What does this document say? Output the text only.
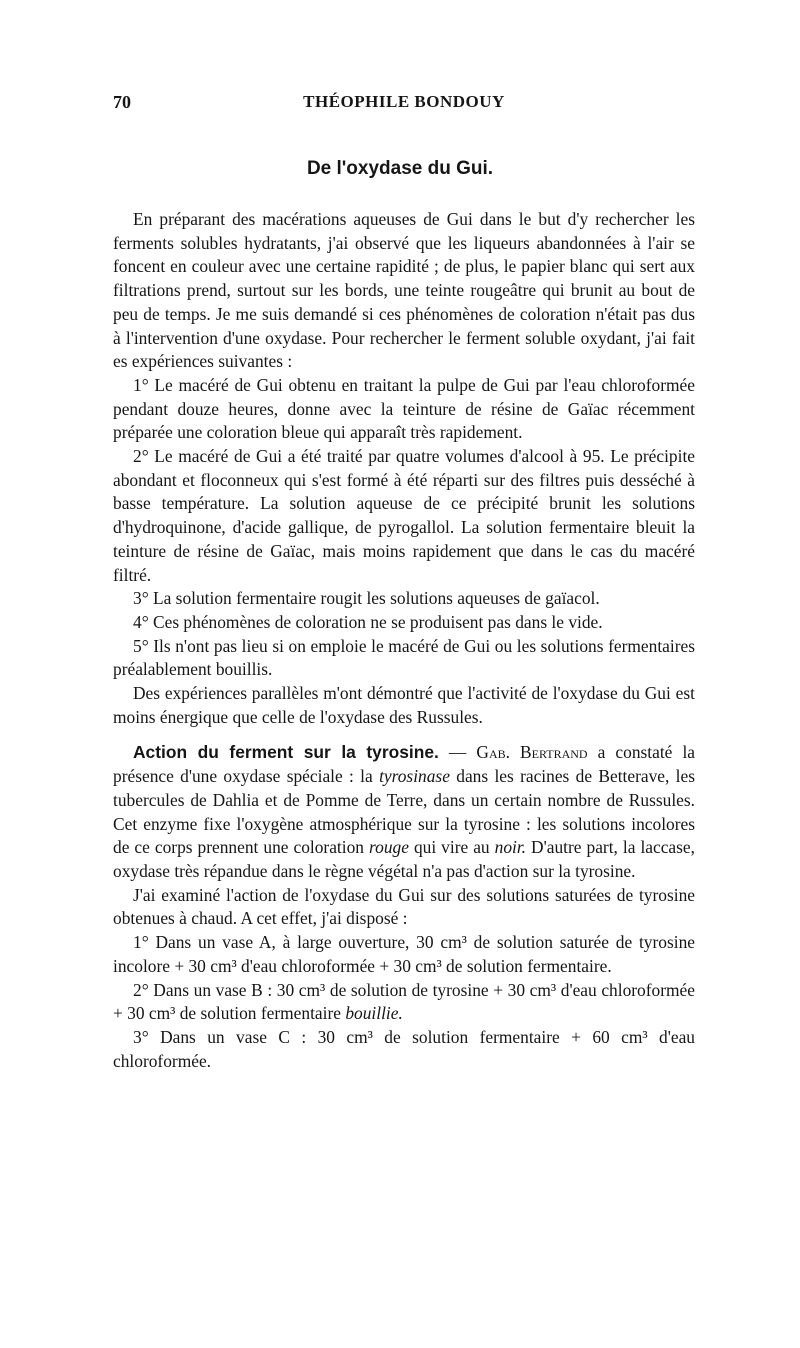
70	THÉOPHILE BONDOUY
De l'oxydase du Gui.

En préparant des macérations aqueuses de Gui dans le but d'y rechercher les ferments solubles hydratants, j'ai observé que les liqueurs abandonnées à l'air se foncent en couleur avec une certaine rapidité ; de plus, le papier blanc qui sert aux filtrations prend, surtout sur les bords, une teinte rougeâtre qui brunit au bout de peu de temps. Je me suis demandé si ces phénomènes de coloration n'était pas dus à l'intervention d'une oxydase. Pour rechercher le ferment soluble oxydant, j'ai fait es expériences suivantes :

1° Le macéré de Gui obtenu en traitant la pulpe de Gui par l'eau chloroformée pendant douze heures, donne avec la teinture de résine de Gaïac récemment préparée une coloration bleue qui apparaît très rapidement.

2° Le macéré de Gui a été traité par quatre volumes d'alcool à 95. Le précipite abondant et floconneux qui s'est formé à été réparti sur des filtres puis desséché à basse température. La solution aqueuse de ce précipité brunit les solutions d'hydroquinone, d'acide gallique, de pyrogallol. La solution fermentaire bleuit la teinture de résine de Gaïac, mais moins rapidement que dans le cas du macéré filtré.

3° La solution fermentaire rougit les solutions aqueuses de gaïacol.

4° Ces phénomènes de coloration ne se produisent pas dans le vide.

5° Ils n'ont pas lieu si on emploie le macéré de Gui ou les solutions fermentaires préalablement bouillis.

Des expériences parallèles m'ont démontré que l'activité de l'oxydase du Gui est moins énergique que celle de l'oxydase des Russules.

Action du ferment sur la tyrosine. — Gab. Bertrand a constaté la présence d'une oxydase spéciale : la tyrosinase dans les racines de Betterave, les tubercules de Dahlia et de Pomme de Terre, dans un certain nombre de Russules. Cet enzyme fixe l'oxygène atmosphérique sur la tyrosine : les solutions incolores de ce corps prennent une coloration rouge qui vire au noir. D'autre part, la laccase, oxydase très répandue dans le règne végétal n'a pas d'action sur la tyrosine.

J'ai examiné l'action de l'oxydase du Gui sur des solutions saturées de tyrosine obtenues à chaud. A cet effet, j'ai disposé :

1° Dans un vase A, à large ouverture, 30 cm³ de solution saturée de tyrosine incolore + 30 cm³ d'eau chloroformée + 30 cm³ de solution fermentaire.

2° Dans un vase B : 30 cm³ de solution de tyrosine + 30 cm³ d'eau chloroformée + 30 cm³ de solution fermentaire bouillie.

3° Dans un vase C : 30 cm³ de solution fermentaire + 60 cm³ d'eau chloroformée.
